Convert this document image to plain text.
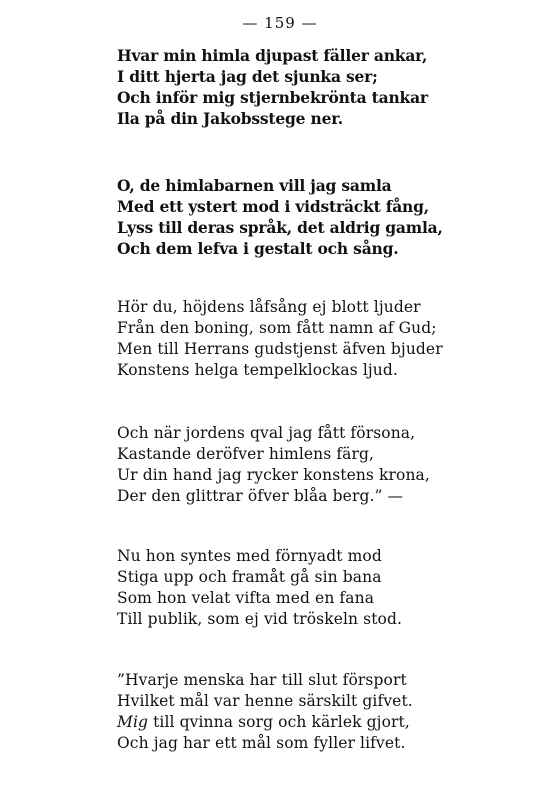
— 159 —
Hvar min himla djupast fäller ankar,
I ditt hjerta jag det sjunka ser;
Och inför mig stjernbekrönta tankar
Ila på din Jakobsstege ner.
O, de himlabarnen vill jag samla
Med ett ystert mod i vidsträckt fång,
Lyss till deras språk, det aldrig gamla,
Och dem lefva i gestalt och sång.
Hör du, höjdens låfsång ej blott ljuder
Från den boning, som fått namn af Gud;
Men till Herrans gudstjenst äfven bjuder
Konstens helga tempelklockas ljud.
Och när jordens qval jag fått försona,
Kastande deröfver himlens färg,
Ur din hand jag rycker konstens krona,
Der den glittrar öfver blåa berg.” —
Nu hon syntes med förnyadt mod
Stiga upp och framåt gå sin bana
Som hon velat vifta med en fana
Till publik, som ej vid tröskeln stod.
”Hvarje menska har till slut försport
Hvilket mål var henne särskilt gifvet.
Mig till qvinna sorg och kärlek gjort,
Och jag har ett mål som fyller lifvet.
